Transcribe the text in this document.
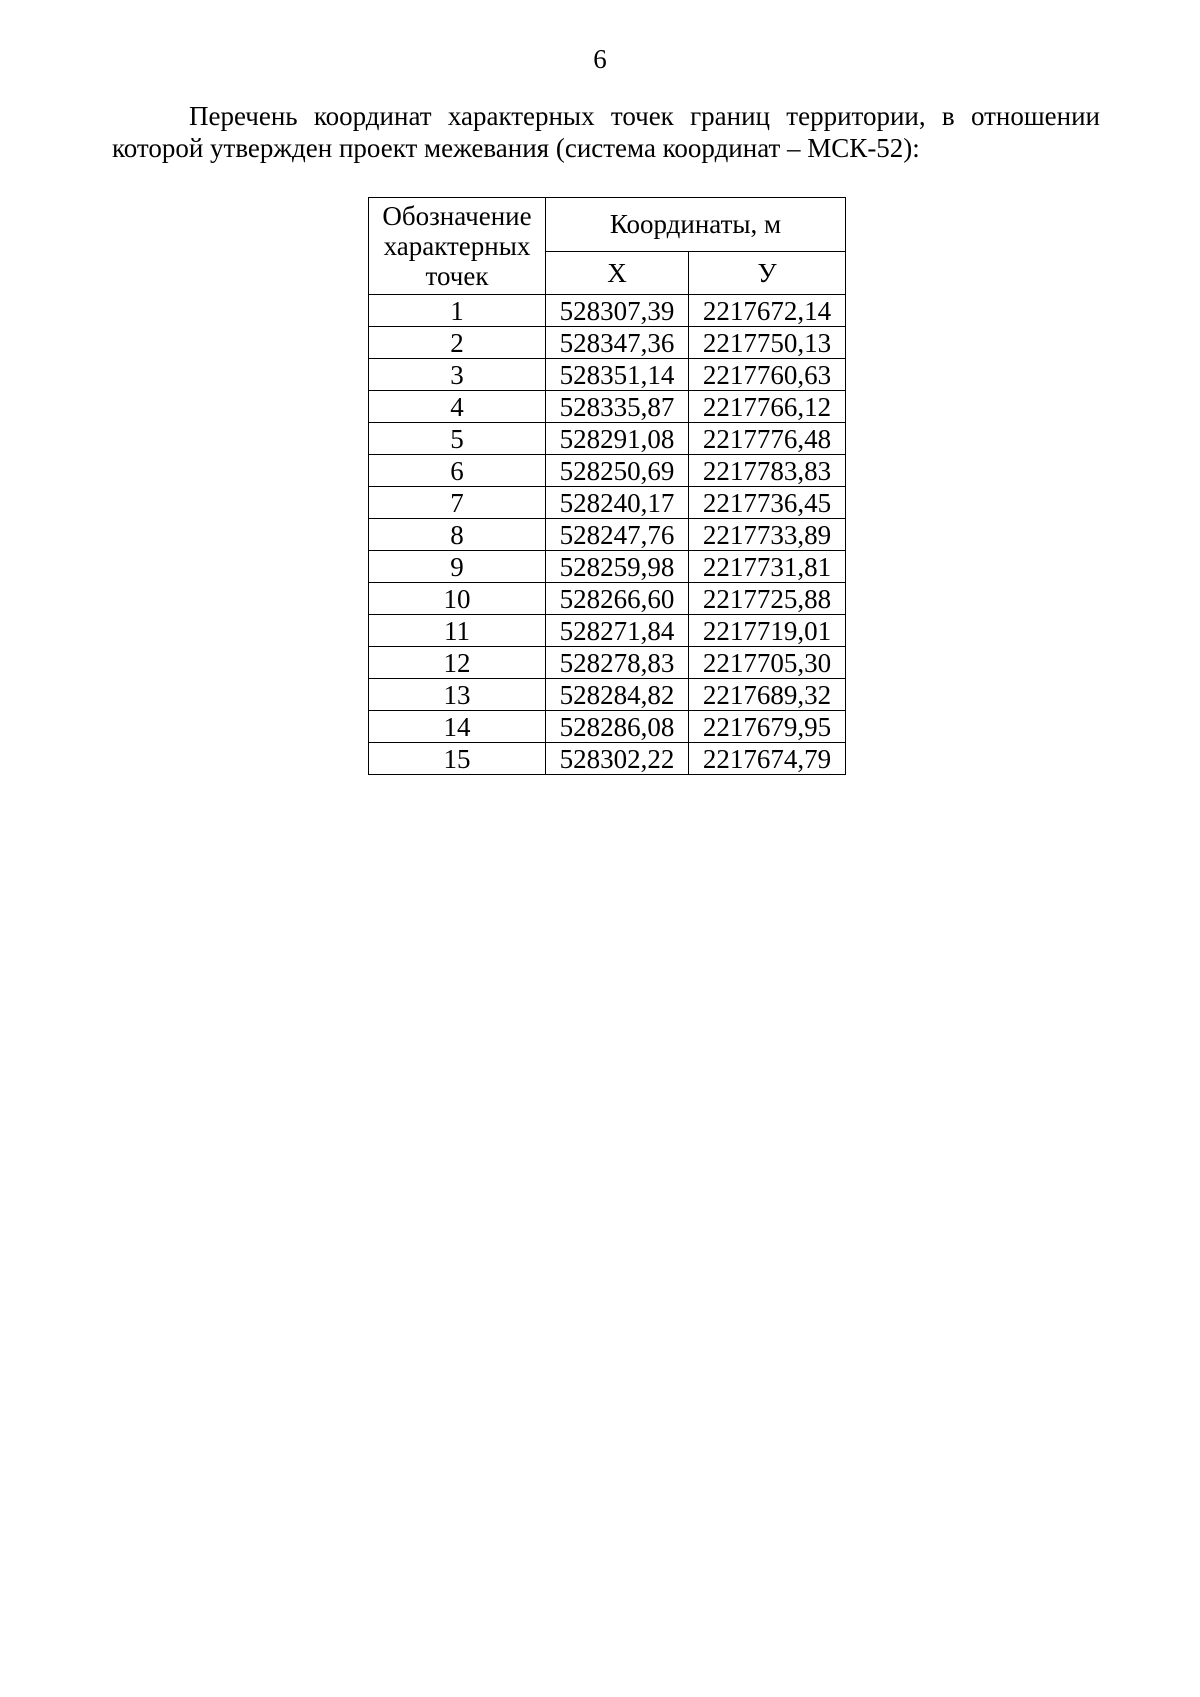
6
Перечень координат характерных точек границ территории, в отношении
которой утвержден проект межевания (система координат – МСК-52):
Обозначение характерных точек	Координаты, м	
	Х	У
1	528307,39	2217672,14
2	528347,36	2217750,13
3	528351,14	2217760,63
4	528335,87	2217766,12
5	528291,08	2217776,48
6	528250,69	2217783,83
7	528240,17	2217736,45
8	528247,76	2217733,89
9	528259,98	2217731,81
10	528266,60	2217725,88
11	528271,84	2217719,01
12	528278,83	2217705,30
13	528284,82	2217689,32
14	528286,08	2217679,95
15	528302,22	2217674,79
